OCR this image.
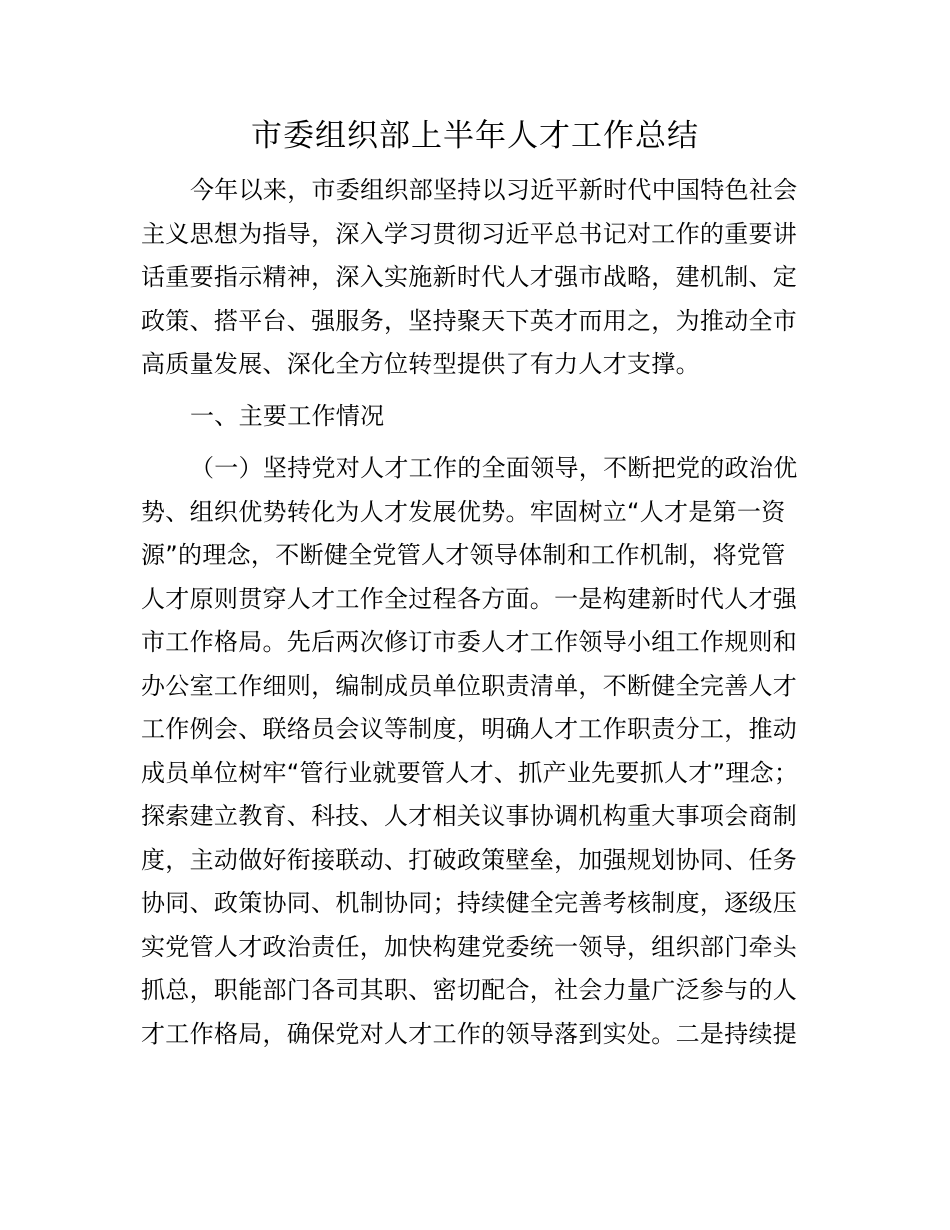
市委组织部上半年人才工作总结
今年以来，市委组织部坚持以习近平新时代中国特色社会
主义思想为指导，深入学习贯彻习近平总书记对工作的重要讲
话重要指示精神，深入实施新时代人才强市战略，建机制、定
政策、搭平台、强服务，坚持聚天下英才而用之，为推动全市
高质量发展、深化全方位转型提供了有力人才支撑。
一、主要工作情况
（一）坚持党对人才工作的全面领导，不断把党的政治优
势、组织优势转化为人才发展优势。牢固树立“人才是第一资
源”的理念，不断健全党管人才领导体制和工作机制，将党管
人才原则贯穿人才工作全过程各方面。一是构建新时代人才强
市工作格局。先后两次修订市委人才工作领导小组工作规则和
办公室工作细则，编制成员单位职责清单，不断健全完善人才
工作例会、联络员会议等制度，明确人才工作职责分工，推动
成员单位树牢“管行业就要管人才、抓产业先要抓人才”理念；
探索建立教育、科技、人才相关议事协调机构重大事项会商制
度，主动做好衔接联动、打破政策壁垒，加强规划协同、任务
协同、政策协同、机制协同；持续健全完善考核制度，逐级压
实党管人才政治责任，加快构建党委统一领导，组织部门牵头
抓总，职能部门各司其职、密切配合，社会力量广泛参与的人
才工作格局，确保党对人才工作的领导落到实处。二是持续提
